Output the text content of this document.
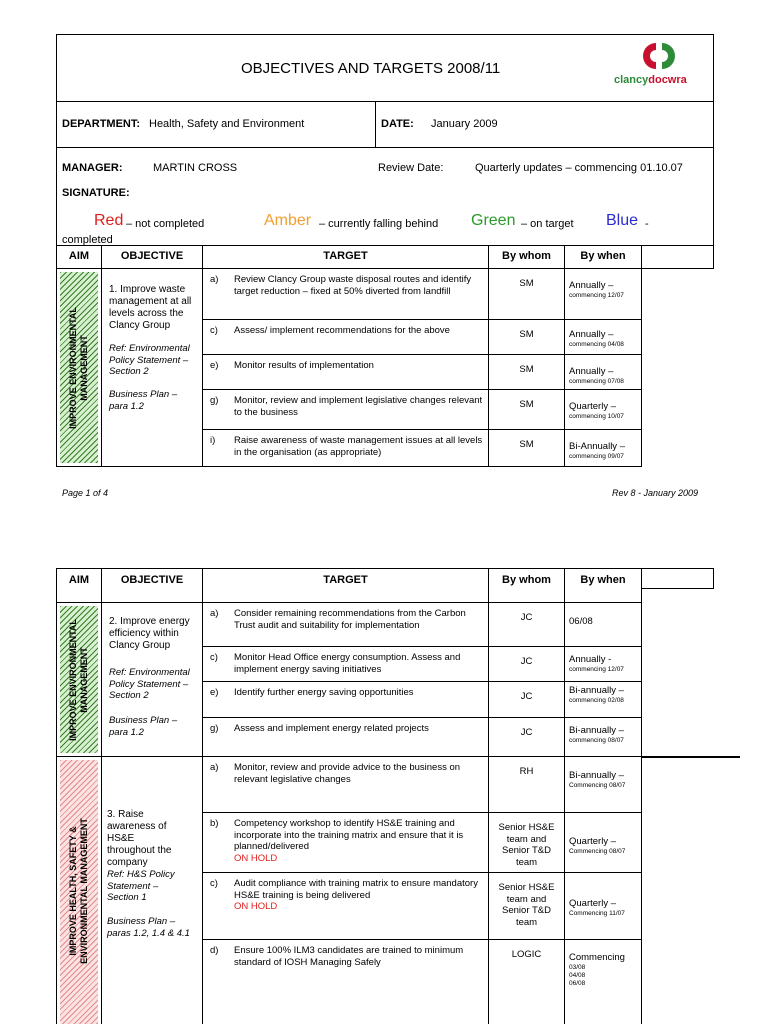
OBJECTIVES AND TARGETS 2008/11
clancydocwra
DEPARTMENT: Health, Safety and Environment	DATE: January 2009
MANAGER:	MARTIN CROSS	Review Date:	Quarterly updates – commencing 01.10.07
SIGNATURE:
Red – not completed	Amber – currently falling behind Green – on target Blue -
completed
AIM	OBJECTIVE	TARGET	By whom	By when
IMPROVE ENVIRONMENTAL
MANAGEMENT
1. Improve waste management at all levels across the Clancy Group
Ref: Environmental Policy Statement – Section 2
Business Plan – para 1.2
a) Review Clancy Group waste disposal routes and identify target reduction – fixed at 50% diverted from landfill
SM	Annually –
commencing 12/07
c) Assess/ implement recommendations for the above	SM	Annually –
commencing 04/08
e) Monitor results of implementation	SM	Annually –
commencing 07/08
g) Monitor, review and implement legislative changes relevant to the business
SM	Quarterly –
commencing 10/07
i) Raise awareness of waste management issues at all levels in the organisation (as appropriate)
SM	Bi-Annually –
commencing 09/07
Page 1 of 4	Rev 8 - January 2009
AIM	OBJECTIVE	TARGET	By whom	By when
IMPROVE ENVIRONMENTAL
MANAGEMENT
2. Improve energy efficiency within Clancy Group
Ref: Environmental Policy Statement – Section 2
Business Plan – para 1.2
IMPROVE HEALTH, SAFETY &
ENVIRONMENTAL MANAGEMENT
3. Raise awareness of HS&E throughout the company
Ref: H&S Policy Statement – Section 1
Business Plan – paras 1.2, 1.4 & 4.1
a) Consider remaining recommendations from the Carbon Trust audit and suitability for implementation
JC	06/08
c) Monitor Head Office energy consumption. Assess and implement energy saving initiatives
JC	Annually -
commencing 12/07
e) Identify further energy saving opportunities	JC
Bi-annually –
commencing 02/08
g) Assess and implement energy related projects	JC	Bi-annually –
commencing 08/07
a) Monitor, review and provide advice to the business on relevant legislative changes
RH	Bi-annually –
Commencing 08/07
b) Competency workshop to identify HS&E training and incorporate into the training matrix and ensure that it is planned/delivered
ON HOLD
Senior HS&E team and Senior T&D team
Quarterly –
Commencing 08/07
c) Audit compliance with training matrix to ensure mandatory HS&E training is being delivered
ON HOLD
Senior HS&E team and Senior T&D team
Quarterly –
Commencing 11/07
d) Ensure 100% ILM3 candidates are trained to minimum standard of IOSH Managing Safely
LOGIC	Commencing
03/08
04/08
06/08
